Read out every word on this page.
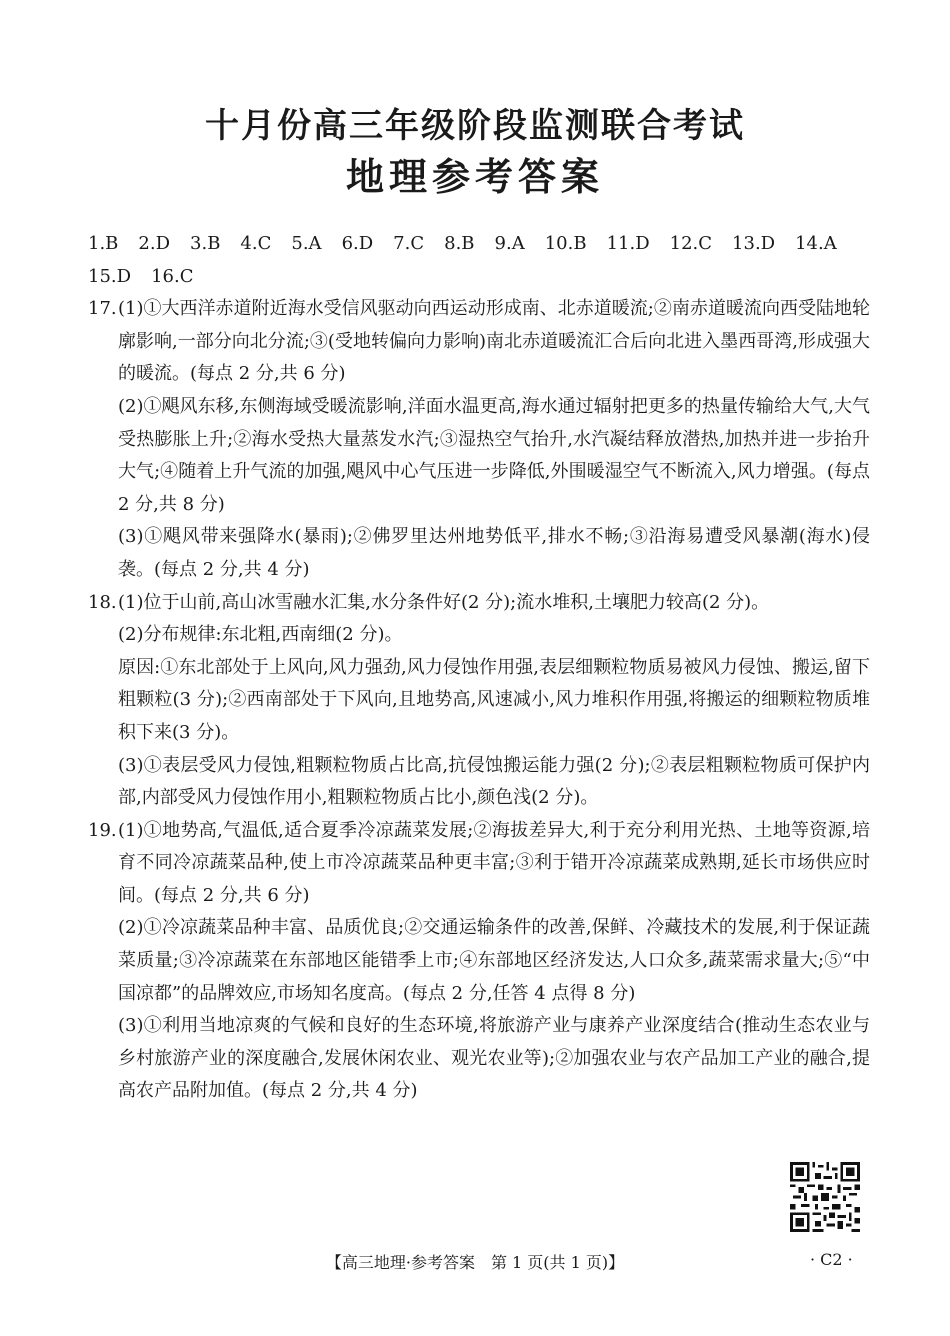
十月份高三年级阶段监测联合考试
地理参考答案

1.B 2.D 3.B 4.C 5.A 6.D 7.C 8.B 9.A 10.B 11.D 12.C 13.D 14.A

15.D 16.C

17. (1)①大西洋赤道附近海水受信风驱动向西运动形成南、北赤道暖流;②南赤道暖流向西受陆地轮廓影响,一部分向北分流;③(受地转偏向力影响)南北赤道暖流汇合后向北进入墨西哥湾,形成强大的暖流。(每点 2 分,共 6 分)

(2)①飓风东移,东侧海域受暖流影响,洋面水温更高,海水通过辐射把更多的热量传输给大气,大气受热膨胀上升;②海水受热大量蒸发水汽;③湿热空气抬升,水汽凝结释放潜热,加热并进一步抬升大气;④随着上升气流的加强,飓风中心气压进一步降低,外围暖湿空气不断流入,风力增强。(每点 2 分,共 8 分)

(3)①飓风带来强降水(暴雨);②佛罗里达州地势低平,排水不畅;③沿海易遭受风暴潮(海水)侵袭。(每点 2 分,共 4 分)

18. (1)位于山前,高山冰雪融水汇集,水分条件好(2 分);流水堆积,土壤肥力较高(2 分)。

(2)分布规律:东北粗,西南细(2 分)。

原因:①东北部处于上风向,风力强劲,风力侵蚀作用强,表层细颗粒物质易被风力侵蚀、搬运,留下粗颗粒(3 分);②西南部处于下风向,且地势高,风速减小,风力堆积作用强,将搬运的细颗粒物质堆积下来(3 分)。

(3)①表层受风力侵蚀,粗颗粒物质占比高,抗侵蚀搬运能力强(2 分);②表层粗颗粒物质可保护内部,内部受风力侵蚀作用小,粗颗粒物质占比小,颜色浅(2 分)。

19. (1)①地势高,气温低,适合夏季冷凉蔬菜发展;②海拔差异大,利于充分利用光热、土地等资源,培育不同冷凉蔬菜品种,使上市冷凉蔬菜品种更丰富;③利于错开冷凉蔬菜成熟期,延长市场供应时间。(每点 2 分,共 6 分)

(2)①冷凉蔬菜品种丰富、品质优良;②交通运输条件的改善,保鲜、冷藏技术的发展,利于保证蔬菜质量;③冷凉蔬菜在东部地区能错季上市;④东部地区经济发达,人口众多,蔬菜需求量大;⑤“中国凉都”的品牌效应,市场知名度高。(每点 2 分,任答 4 点得 8 分)

(3)①利用当地凉爽的气候和良好的生态环境,将旅游产业与康养产业深度结合(推动生态农业与乡村旅游产业的深度融合,发展休闲农业、观光农业等);②加强农业与农产品加工产业的融合,提高农产品附加值。(每点 2 分,共 4 分)

【高三地理·参考答案　第 1 页(共 1 页)】	· C2 ·
